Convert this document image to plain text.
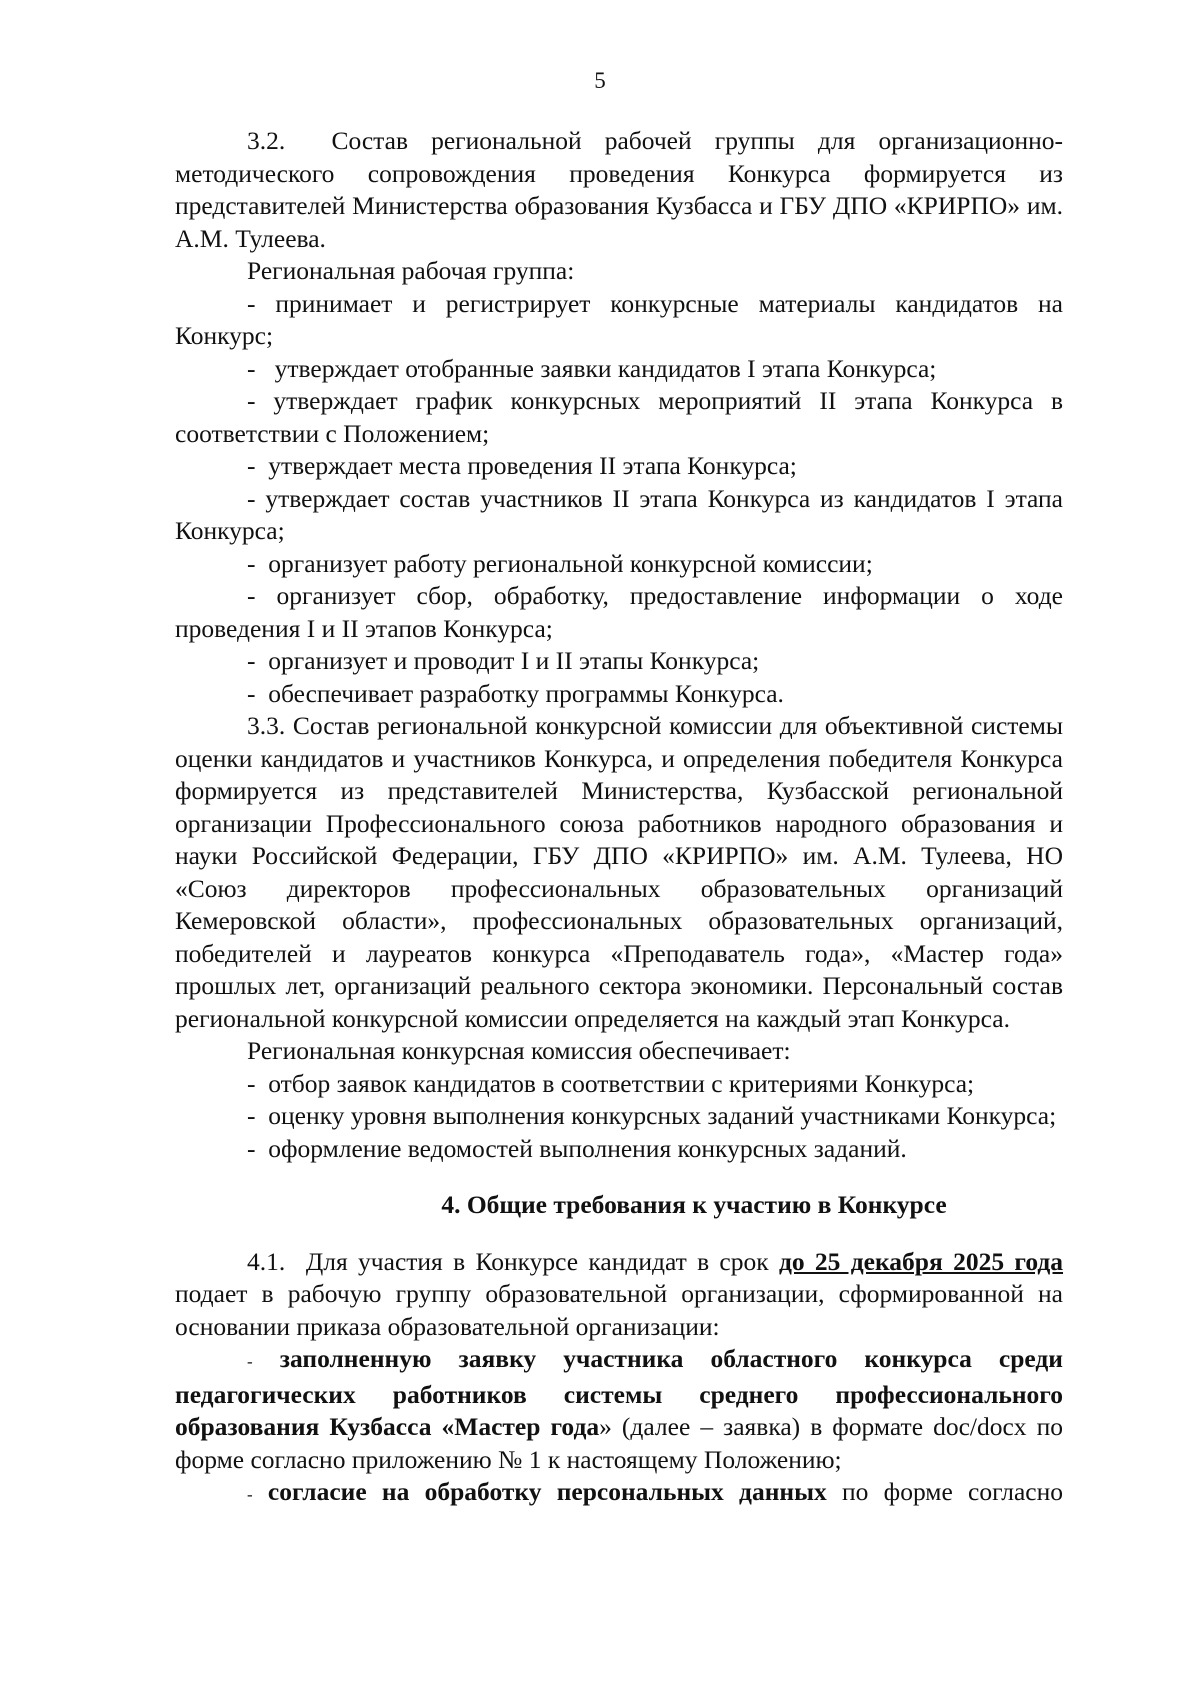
5

3.2.  Состав региональной рабочей группы для организационно-методического сопровождения проведения Конкурса формируется из представителей Министерства образования Кузбасса и ГБУ ДПО «КРИРПО» им. А.М. Тулеева.

Региональная рабочая группа:

- принимает и регистрирует конкурсные материалы кандидатов на Конкурс;

-   утверждает отобранные заявки кандидатов I этапа Конкурса;

- утверждает график конкурсных мероприятий II этапа Конкурса в соответствии с Положением;

-  утверждает места проведения II этапа Конкурса;

- утверждает состав участников II этапа Конкурса из кандидатов I этапа Конкурса;

-  организует работу региональной конкурсной комиссии;

- организует сбор, обработку, предоставление информации о ходе проведения I и II этапов Конкурса;

-  организует и проводит I и II этапы Конкурса;

-  обеспечивает разработку программы Конкурса.

3.3. Состав региональной конкурсной комиссии для объективной системы оценки кандидатов и участников Конкурса, и определения победителя Конкурса формируется из представителей Министерства, Кузбасской региональной организации Профессионального союза работников народного образования и науки Российской Федерации, ГБУ ДПО «КРИРПО» им. А.М. Тулеева, НО «Союз директоров профессиональных образовательных организаций Кемеровской области», профессиональных образовательных организаций, победителей и лауреатов конкурса «Преподаватель года», «Мастер года» прошлых лет, организаций реального сектора экономики. Персональный состав региональной конкурсной комиссии определяется на каждый этап Конкурса.

Региональная конкурсная комиссия обеспечивает:

-  отбор заявок кандидатов в соответствии с критериями Конкурса;

-  оценку уровня выполнения конкурсных заданий участниками Конкурса;

-  оформление ведомостей выполнения конкурсных заданий.

4. Общие требования к участию в Конкурсе

4.1.  Для участия в Конкурсе кандидат в срок до 25 декабря 2025 года подает в рабочую группу образовательной организации, сформированной на основании приказа образовательной организации:

- заполненную заявку участника областного конкурса среди педагогических работников системы среднего профессионального образования Кузбасса «Мастер года» (далее – заявка) в формате doc/docx по форме согласно приложению № 1 к настоящему Положению;

- согласие на обработку персональных данных по форме согласно
